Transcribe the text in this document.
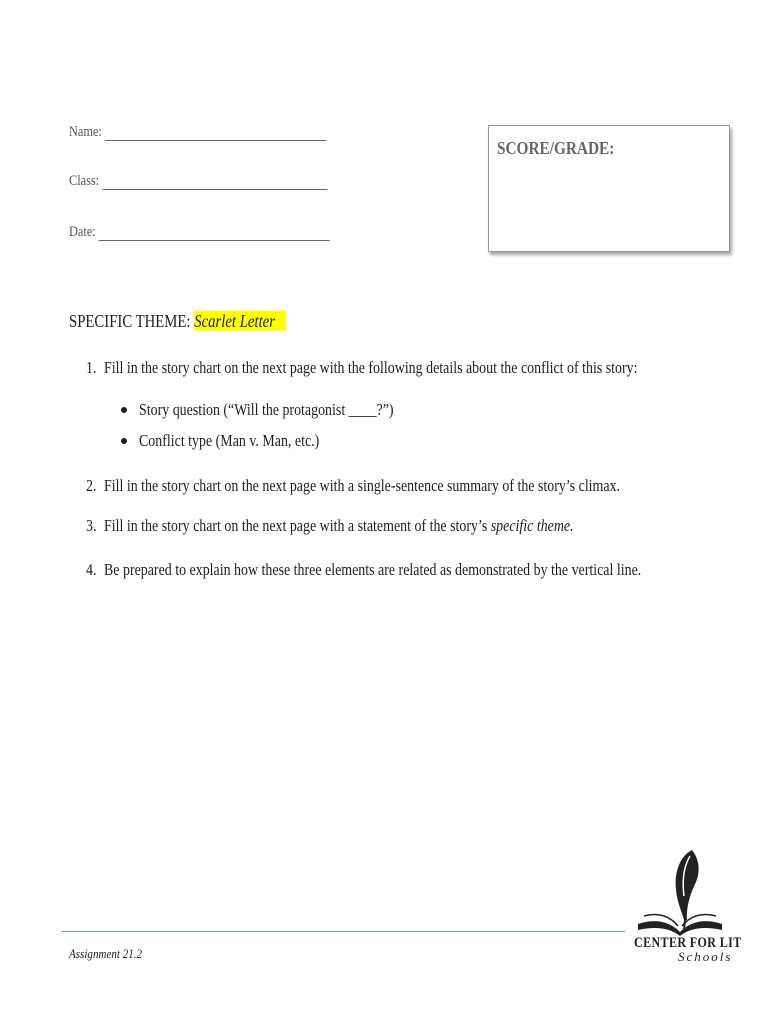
Name:
Class:
Date:
SCORE/GRADE:
SPECIFIC THEME: Scarlet Letter
1. Fill in the story chart on the next page with the following details about the conflict of this story:
Story question (“Will the protagonist ____?”)
Conflict type (Man v. Man, etc.)
2. Fill in the story chart on the next page with a single-sentence summary of the story’s climax.
3. Fill in the story chart on the next page with a statement of the story’s specific theme.
4. Be prepared to explain how these three elements are related as demonstrated by the vertical line.
Assignment 21.2
CENTER FOR LIT
Schools
